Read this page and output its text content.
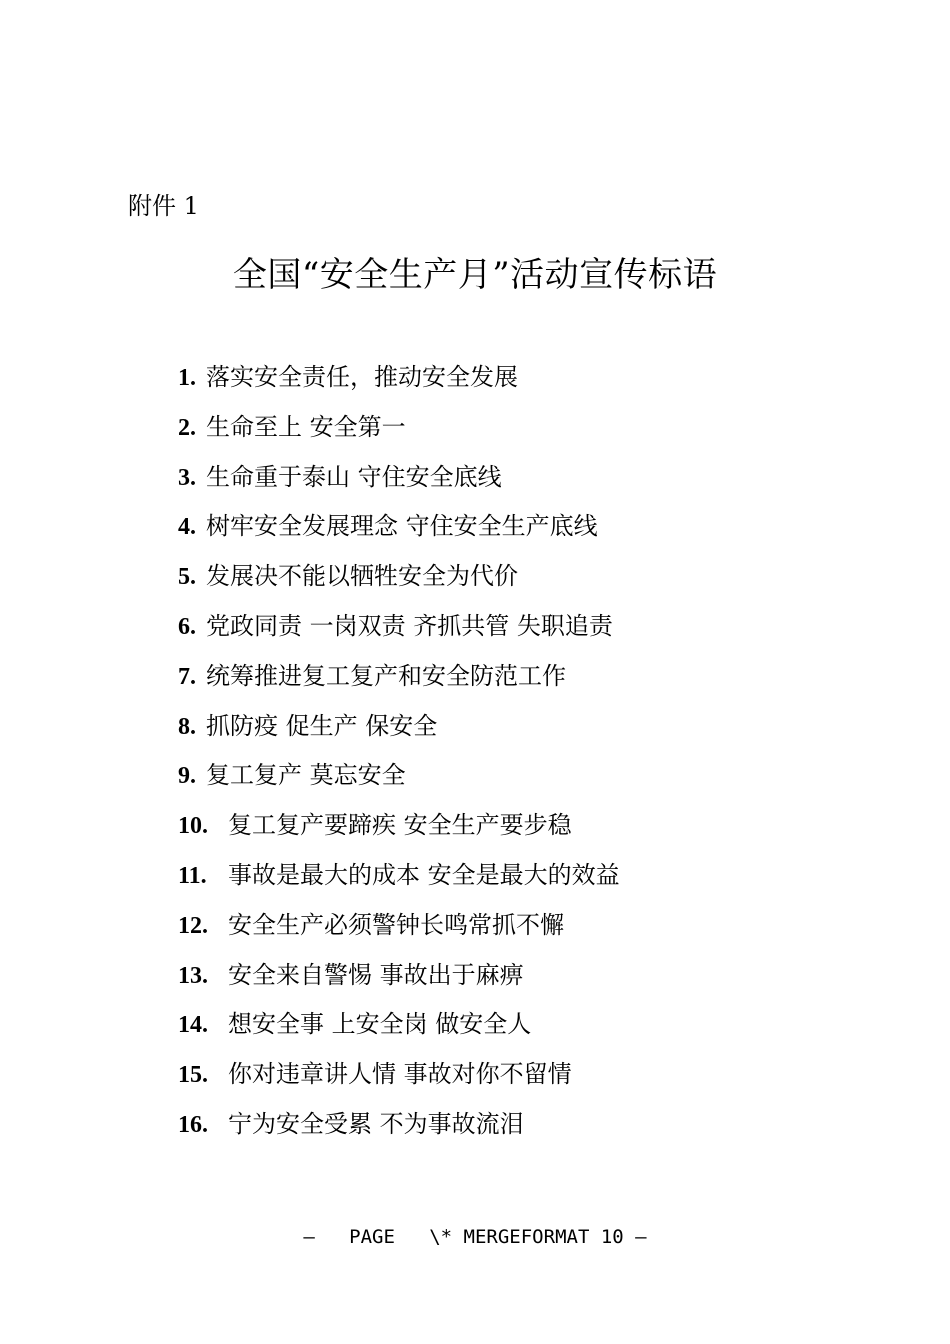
附件 1
全国“安全生产月”活动宣传标语
1. 落实安全责任，推动安全发展
2. 生命至上 安全第一
3. 生命重于泰山 守住安全底线
4. 树牢安全发展理念 守住安全生产底线
5. 发展决不能以牺牲安全为代价
6. 党政同责 一岗双责 齐抓共管 失职追责
7. 统筹推进复工复产和安全防范工作
8. 抓防疫 促生产 保安全
9. 复工复产 莫忘安全
10. 复工复产要蹄疾 安全生产要步稳
11. 事故是最大的成本 安全是最大的效益
12. 安全生产必须警钟长鸣常抓不懈
13. 安全来自警惕 事故出于麻痹
14. 想安全事 上安全岗 做安全人
15. 你对违章讲人情 事故对你不留情
16. 宁为安全受累 不为事故流泪
—   PAGE   \* MERGEFORMAT 10 —
